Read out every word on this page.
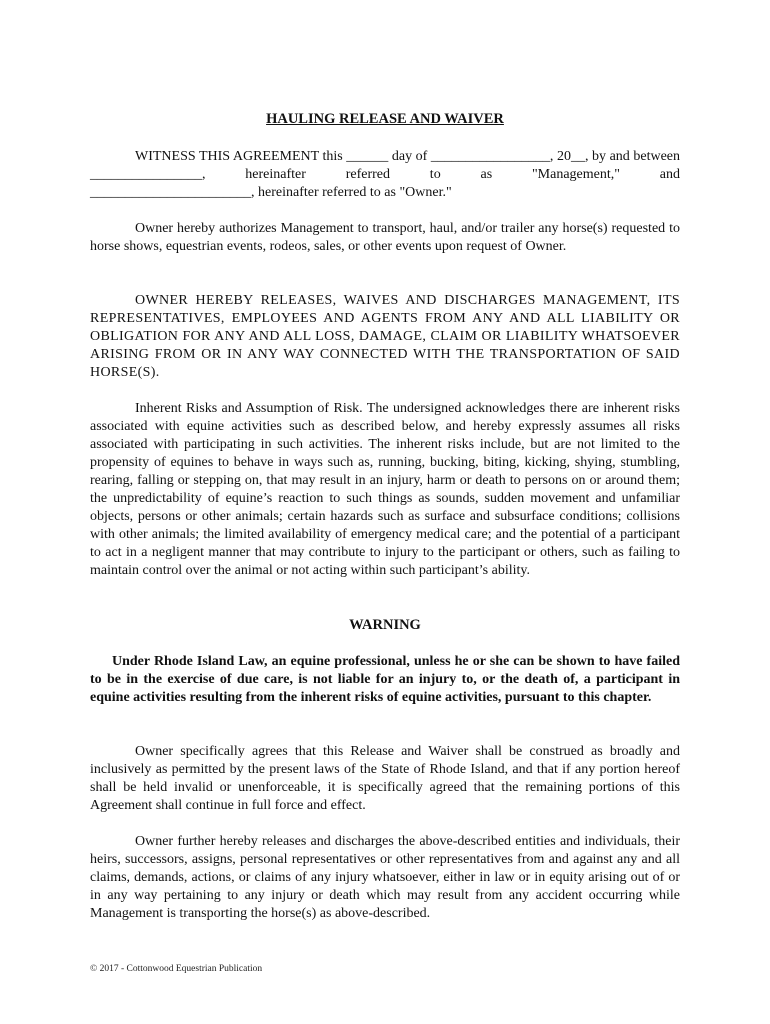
HAULING RELEASE AND WAIVER

WITNESS THIS AGREEMENT this ______ day of _________________, 20__, by and between ________________, hereinafter referred to as "Management," and

_______________________, hereinafter referred to as "Owner."

Owner hereby authorizes Management to transport, haul, and/or trailer any horse(s) requested to horse shows, equestrian events, rodeos, sales, or other events upon request of Owner.

OWNER HEREBY RELEASES, WAIVES AND DISCHARGES MANAGEMENT, ITS REPRESENTATIVES, EMPLOYEES AND AGENTS FROM ANY AND ALL LIABILITY OR OBLIGATION FOR ANY AND ALL LOSS, DAMAGE, CLAIM OR LIABILITY WHATSOEVER ARISING FROM OR IN ANY WAY CONNECTED WITH THE TRANSPORTATION OF SAID HORSE(S).

Inherent Risks and Assumption of Risk. The undersigned acknowledges there are inherent risks associated with equine activities such as described below, and hereby expressly assumes all risks associated with participating in such activities. The inherent risks include, but are not limited to the propensity of equines to behave in ways such as, running, bucking, biting, kicking, shying, stumbling, rearing, falling or stepping on, that may result in an injury, harm or death to persons on or around them; the unpredictability of equine’s reaction to such things as sounds, sudden movement and unfamiliar objects, persons or other animals; certain hazards such as surface and subsurface conditions; collisions with other animals; the limited availability of emergency medical care; and the potential of a participant to act in a negligent manner that may contribute to injury to the participant or others, such as failing to maintain control over the animal or not acting within such participant’s ability.

WARNING

Under Rhode Island Law, an equine professional, unless he or she can be shown to have failed to be in the exercise of due care, is not liable for an injury to, or the death of, a participant in equine activities resulting from the inherent risks of equine activities, pursuant to this chapter.

Owner specifically agrees that this Release and Waiver shall be construed as broadly and inclusively as permitted by the present laws of the State of Rhode Island, and that if any portion hereof shall be held invalid or unenforceable, it is specifically agreed that the remaining portions of this Agreement shall continue in full force and effect.

Owner further hereby releases and discharges the above-described entities and individuals, their heirs, successors, assigns, personal representatives or other representatives from and against any and all claims, demands, actions, or claims of any injury whatsoever, either in law or in equity arising out of or in any way pertaining to any injury or death which may result from any accident occurring while Management is transporting the horse(s) as above-described.

© 2017 - Cottonwood Equestrian Publication
